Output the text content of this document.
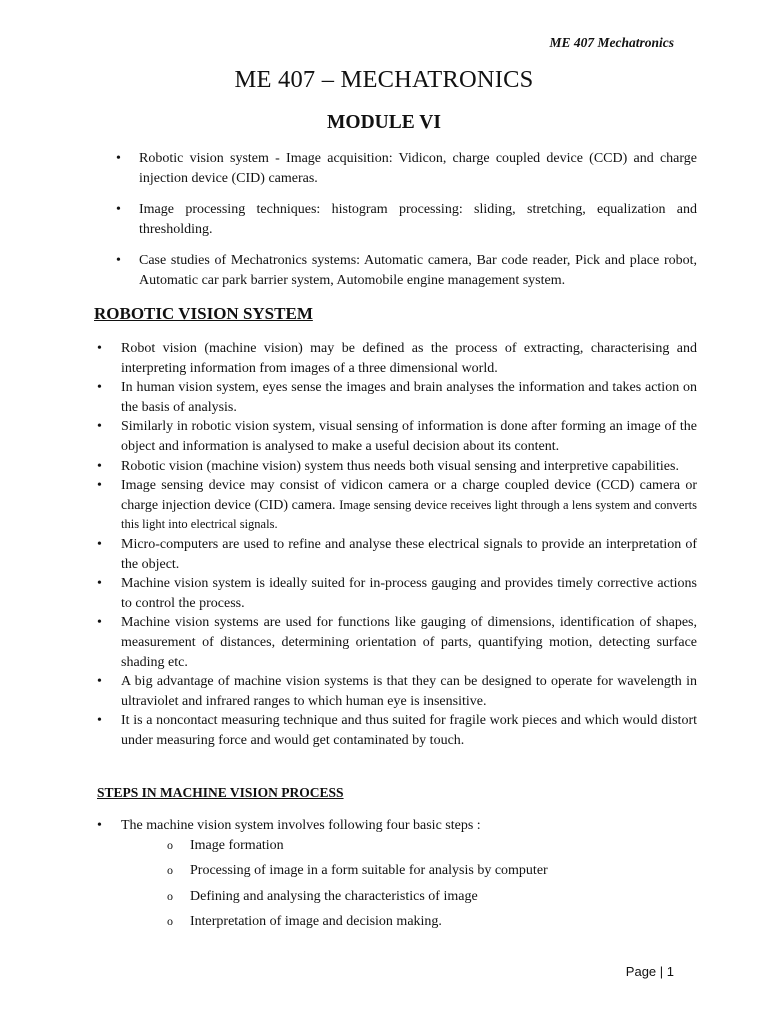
ME 407 Mechatronics
ME 407 – MECHATRONICS
MODULE VI
• Robotic vision system - Image acquisition: Vidicon, charge coupled device (CCD) and charge injection device (CID) cameras.
• Image processing techniques: histogram processing: sliding, stretching, equalization and thresholding.
• Case studies of Mechatronics systems: Automatic camera, Bar code reader, Pick and place robot, Automatic car park barrier system, Automobile engine management system.
ROBOTIC VISION SYSTEM
• Robot vision (machine vision) may be defined as the process of extracting, characterising and interpreting information from images of a three dimensional world.
• In human vision system, eyes sense the images and brain analyses the information and takes action on the basis of analysis.
• Similarly in robotic vision system, visual sensing of information is done after forming an image of the object and information is analysed to make a useful decision about its content.
• Robotic vision (machine vision) system thus needs both visual sensing and interpretive capabilities.
• Image sensing device may consist of vidicon camera or a charge coupled device (CCD) camera or charge injection device (CID) camera. Image sensing device receives light through a lens system and converts this light into electrical signals.
• Micro-computers are used to refine and analyse these electrical signals to provide an interpretation of the object.
• Machine vision system is ideally suited for in-process gauging and provides timely corrective actions to control the process.
• Machine vision systems are used for functions like gauging of dimensions, identification of shapes, measurement of distances, determining orientation of parts, quantifying motion, detecting surface shading etc.
• A big advantage of machine vision systems is that they can be designed to operate for wavelength in ultraviolet and infrared ranges to which human eye is insensitive.
• It is a noncontact measuring technique and thus suited for fragile work pieces and which would distort under measuring force and would get contaminated by touch.
STEPS IN MACHINE VISION PROCESS
• The machine vision system involves following four basic steps :
o Image formation
o Processing of image in a form suitable for analysis by computer
o Defining and analysing the characteristics of image
o Interpretation of image and decision making.
Page | 1
